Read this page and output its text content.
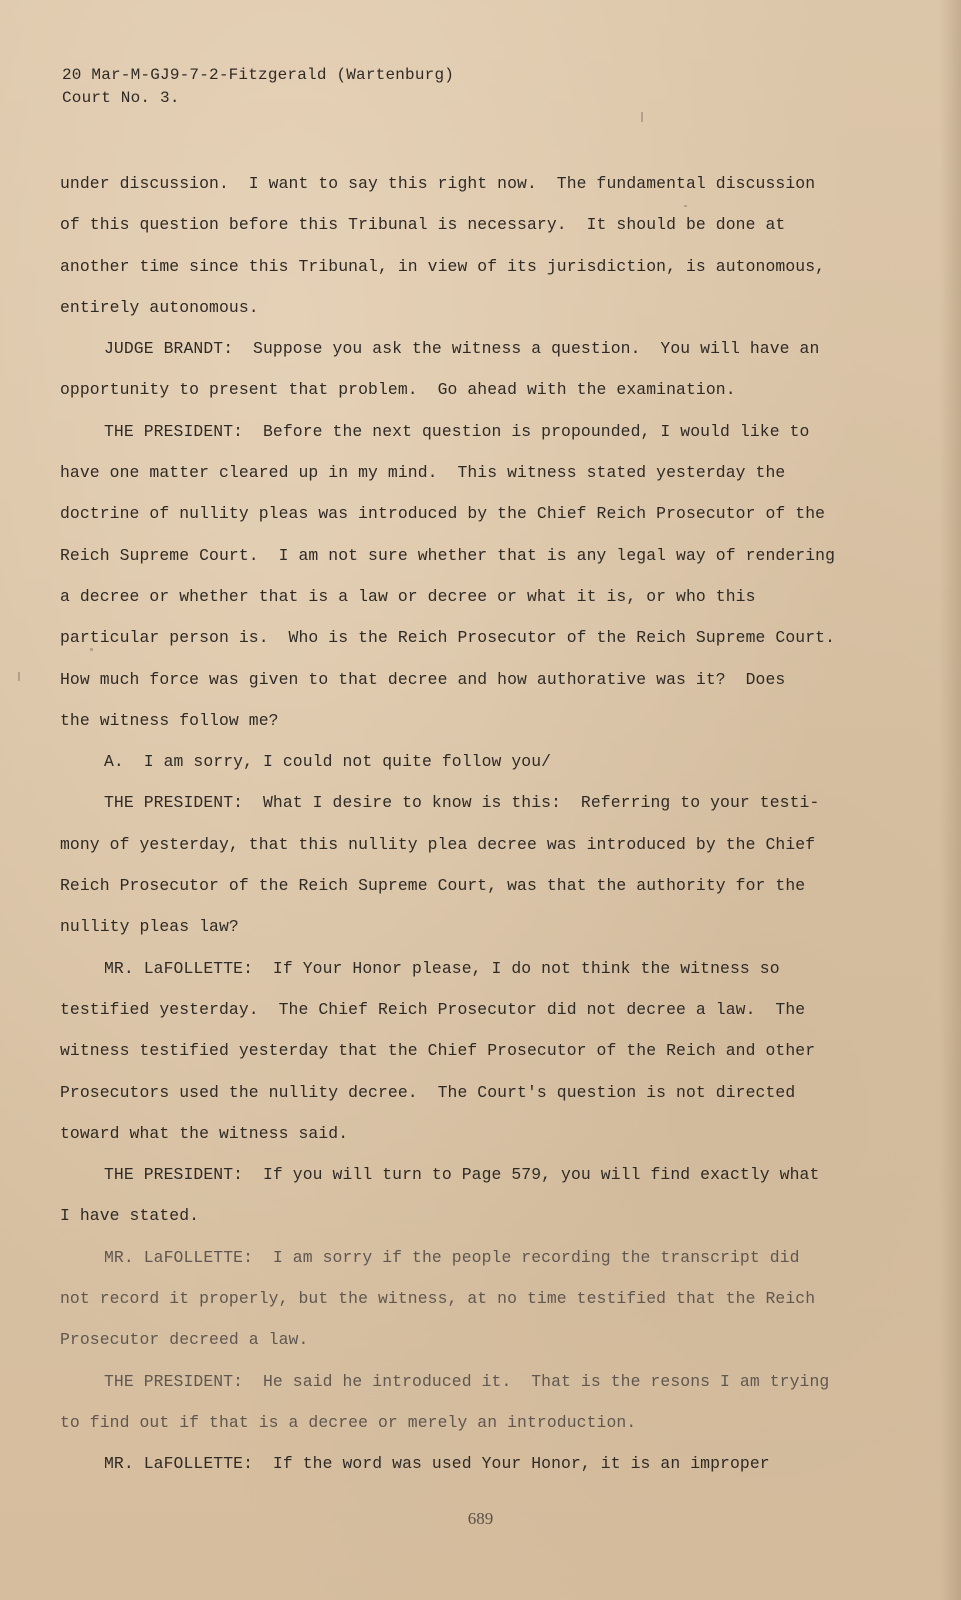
20 Mar-M-GJ9-7-2-Fitzgerald (Wartenburg)
Court No. 3.
under discussion.  I want to say this right now.  The fundamental discussion
of this question before this Tribunal is necessary.  It should be done at
another time since this Tribunal, in view of its jurisdiction, is autonomous,
entirely autonomous.
JUDGE BRANDT:  Suppose you ask the witness a question.  You will have an
opportunity to present that problem.  Go ahead with the examination.
THE PRESIDENT:  Before the next question is propounded, I would like to
have one matter cleared up in my mind.  This witness stated yesterday the
doctrine of nullity pleas was introduced by the Chief Reich Prosecutor of the
Reich Supreme Court.  I am not sure whether that is any legal way of rendering
a decree or whether that is a law or decree or what it is, or who this
particular person is.  Who is the Reich Prosecutor of the Reich Supreme Court.
How much force was given to that decree and how authorative was it?  Does
the witness follow me?
A.  I am sorry, I could not quite follow you/
THE PRESIDENT:  What I desire to know is this:  Referring to your testi-
mony of yesterday, that this nullity plea decree was introduced by the Chief
Reich Prosecutor of the Reich Supreme Court, was that the authority for the
nullity pleas law?
MR. LaFOLLETTE:  If Your Honor please, I do not think the witness so
testified yesterday.  The Chief Reich Prosecutor did not decree a law.  The
witness testified yesterday that the Chief Prosecutor of the Reich and other
Prosecutors used the nullity decree.  The Court's question is not directed
toward what the witness said.
THE PRESIDENT:  If you will turn to Page 579, you will find exactly what
I have stated.
MR. LaFOLLETTE:  I am sorry if the people recording the transcript did
not record it properly, but the witness, at no time testified that the Reich
Prosecutor decreed a law.
THE PRESIDENT:  He said he introduced it.  That is the resons I am trying
to find out if that is a decree or merely an introduction.
MR. LaFOLLETTE:  If the word was used Your Honor, it is an improper
689
